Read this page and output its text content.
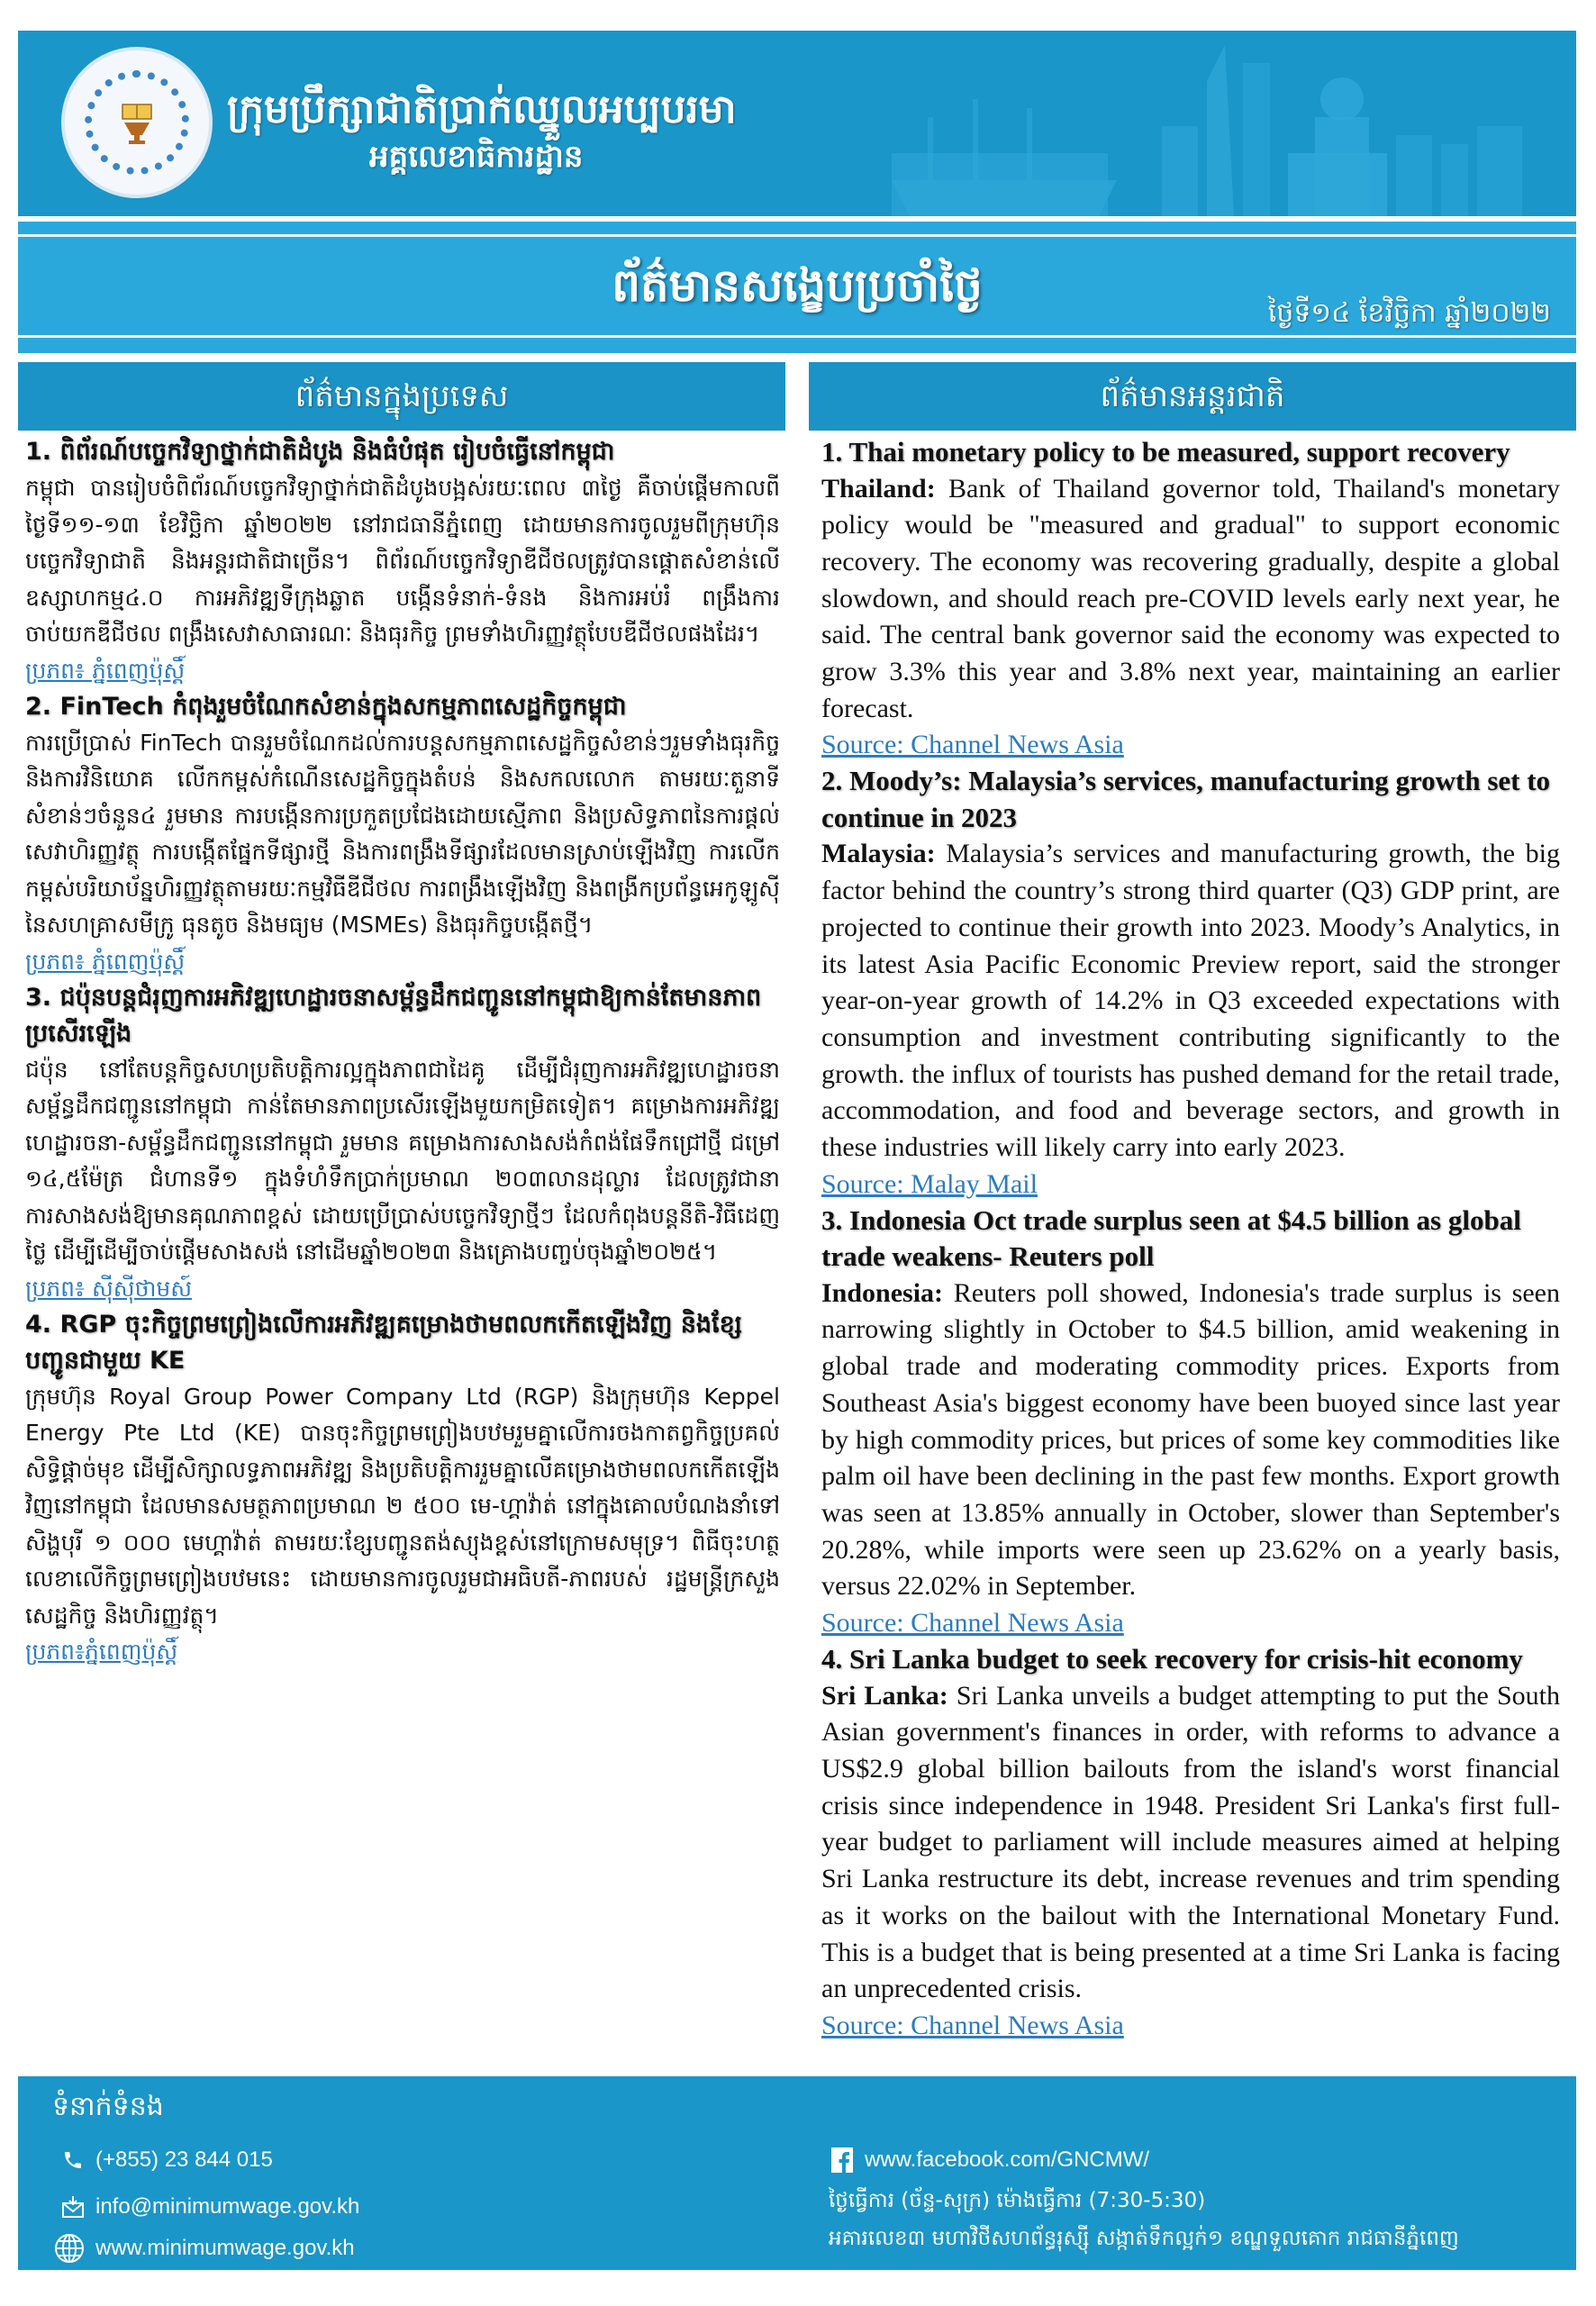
ក្រុមប្រឹក្សាជាតិប្រាក់ឈ្នួលអប្បបរមា
អគ្គលេខាធិការដ្ឋាន
ព័ត៌មានសង្ខេបប្រចាំថ្ងៃ
ថ្ងៃទី១៤ ខែវិច្ឆិកា ឆ្នាំ២០២២
ព័ត៌មានក្នុងប្រទេស	ព័ត៌មានអន្តរជាតិ

1. ពិព័រណ៍បច្ចេកវិទ្យាថ្នាក់ជាតិដំបូង និងធំបំផុត រៀបចំធ្វើនៅកម្ពុជា

កម្ពុជា បានរៀបចំពិព័រណ៍បច្ចេកវិទ្យាថ្នាក់ជាតិដំបូងបង្អស់រយៈពេល ៣ថ្ងៃ គឺចាប់ផ្តើមកាលពីថ្ងៃទី១១-១៣ ខែវិច្ឆិកា ឆ្នាំ២០២២ នៅរាជធានីភ្នំពេញ ដោយមានការចូលរួមពីក្រុមហ៊ុនបច្ចេកវិទ្យាជាតិ និងអន្តរជាតិជាច្រើន។ ពិព័រណ៍បច្ចេកវិទ្យាឌីជីថលត្រូវបានផ្តោតសំខាន់លើឧស្សាហកម្ម៤.០ ការអភិវឌ្ឍទីក្រុងឆ្លាត បង្កើនទំនាក់-ទំនង និងការអប់រំ ពង្រឹងការចាប់យកឌីជីថល ពង្រឹងសេវាសាធារណៈ និងធុរកិច្ច ព្រមទាំងហិរញ្ញវត្ថុបែបឌីជីថលផងដែរ។

ប្រភព៖ ភ្នំពេញប៉ុស្តិ៍

2. FinTech កំពុងរួមចំណែកសំខាន់ក្នុងសកម្មភាពសេដ្ឋកិច្ចកម្ពុជា

ការប្រើប្រាស់ FinTech បានរួមចំណែកដល់ការបន្តសកម្មភាពសេដ្ឋកិច្ចសំខាន់ៗរួមទាំងធុរកិច្ច និងការវិនិយោគ លើកកម្ពស់កំណើនសេដ្ឋកិច្ចក្នុងតំបន់ និងសកលលោក តាមរយៈតួនាទីសំខាន់ៗចំនួន៤ រួមមាន ការបង្កើនការប្រកួតប្រជែងដោយស្មើភាព និងប្រសិទ្ធភាពនៃការផ្តល់សេវាហិរញ្ញវត្ថុ ការបង្កើតផ្នែកទីផ្សារថ្មី និងការពង្រឹងទីផ្សារដែលមានស្រាប់ឡើងវិញ ការលើកកម្ពស់បរិយាប័ន្នហិរញ្ញវត្ថុតាមរយៈកម្មវិធីឌីជីថល ការពង្រឹងឡើងវិញ និងពង្រីកប្រព័ន្ធអេកូឡូស៊ី នៃសហគ្រាសមីក្រូ ធុនតូច និងមធ្យម (MSMEs) និងធុរកិច្ចបង្កើតថ្មី។

ប្រភព៖ ភ្នំពេញប៉ុស្តិ៍

3. ជប៉ុនបន្តជំរុញការអភិវឌ្ឍហេដ្ឋារចនាសម្ព័ន្ធដឹកជញ្ជូននៅកម្ពុជាឱ្យកាន់តែមានភាពប្រសើរឡើង

ជប៉ុន នៅតែបន្តកិច្ចសហប្រតិបត្តិការល្អក្នុងភាពជាដៃគូ ដើម្បីជំរុញការអភិវឌ្ឍហេដ្ឋារចនាសម្ព័ន្ធដឹកជញ្ជូននៅកម្ពុជា កាន់តែមានភាពប្រសើរឡើងមួយកម្រិតទៀត។ គម្រោងការអភិវឌ្ឍហេដ្ឋារចនា-សម្ព័ន្ធដឹកជញ្ជូននៅកម្ពុជា រួមមាន គម្រោងការសាងសង់កំពង់ផែទឹកជ្រៅថ្មី ជម្រៅ ១៤,៥ម៉ែត្រ ជំហានទី១ ក្នុងទំហំទឹកប្រាក់ប្រមាណ ២០៣លានដុល្លារ ដែលត្រូវជានាការសាងសង់ឱ្យមានគុណភាពខ្ពស់ ដោយប្រើប្រាស់បច្ចេកវិទ្យាថ្មីៗ ដែលកំពុងបន្តនីតិ-វិធីដេញថ្លៃ ដើម្បីដើម្បីចាប់ផ្តើមសាងសង់ នៅដើមឆ្នាំ២០២៣ និងគ្រោងបញ្ចប់ចុងឆ្នាំ២០២៥។

ប្រភព៖ ស៊ីស៊ីថាមស៍

4. RGP ចុះកិច្ចព្រមព្រៀងលើការអភិវឌ្ឍគម្រោងថាមពលកកើតឡើងវិញ និងខ្សែបញ្ជូនជាមួយ KE

ក្រុមហ៊ុន Royal Group Power Company Ltd (RGP) និងក្រុមហ៊ុន Keppel Energy Pte Ltd (KE) បានចុះកិច្ចព្រមព្រៀងបឋមរួមគ្នាលើការចងកាតព្វកិច្ចប្រគល់សិទ្ធិផ្តាច់មុខ ដើម្បីសិក្សាលទ្ធភាពអភិវឌ្ឍ និងប្រតិបត្តិការរួមគ្នាលើគម្រោងថាមពលកកើតឡើងវិញនៅកម្ពុជា ដែលមានសមត្ថភាពប្រមាណ ២ ៥០០ មេ-ហ្គាវ៉ាត់ នៅក្នុងគោលបំណងនាំទៅសិង្ហបុរី ១ ០០០ មេហ្គាវ៉ាត់ តាមរយៈខ្សែបញ្ជូនតង់ស្យុងខ្ពស់នៅក្រោមសមុទ្រ។ ពិធីចុះហត្ថលេខាលើកិច្ចព្រមព្រៀងបឋមនេះ ដោយមានការចូលរួមជាអធិបតី-ភាពរបស់ រដ្ឋមន្ត្រីក្រសួងសេដ្ឋកិច្ច និងហិរញ្ញវត្ថុ។

ប្រភព៖ភ្នំពេញប៉ុស្តិ៍

1. Thai monetary policy to be measured, support recovery

Thailand: Bank of Thailand governor told, Thailand's monetary policy would be "measured and gradual" to support economic recovery. The economy was recovering gradually, despite a global slowdown, and should reach pre-COVID levels early next year, he said. The central bank governor said the economy was expected to grow 3.3% this year and 3.8% next year, maintaining an earlier forecast.

Source: Channel News Asia

2. Moody’s: Malaysia’s services, manufacturing growth set to continue in 2023

Malaysia: Malaysia’s services and manufacturing growth, the big factor behind the country’s strong third quarter (Q3) GDP print, are projected to continue their growth into 2023. Moody’s Analytics, in its latest Asia Pacific Economic Preview report, said the stronger year-on-year growth of 14.2% in Q3 exceeded expectations with consumption and investment contributing significantly to the growth. the influx of tourists has pushed demand for the retail trade, accommodation, and food and beverage sectors, and growth in these industries will likely carry into early 2023.

Source: Malay Mail

3. Indonesia Oct trade surplus seen at $4.5 billion as global trade weakens- Reuters poll

Indonesia: Reuters poll showed, Indonesia's trade surplus is seen narrowing slightly in October to $4.5 billion, amid weakening in global trade and moderating commodity prices. Exports from Southeast Asia's biggest economy have been buoyed since last year by high commodity prices, but prices of some key commodities like palm oil have been declining in the past few months. Export growth was seen at 13.85% annually in October, slower than September's 20.28%, while imports were seen up 23.62% on a yearly basis, versus 22.02% in September.

Source: Channel News Asia

4. Sri Lanka budget to seek recovery for crisis-hit economy

Sri Lanka: Sri Lanka unveils a budget attempting to put the South Asian government's finances in order, with reforms to advance a US$2.9 global billion bailouts from the island's worst financial crisis since independence in 1948. President Sri Lanka's first full-year budget to parliament will include measures aimed at helping Sri Lanka restructure its debt, increase revenues and trim spending as it works on the bailout with the International Monetary Fund. This is a budget that is being presented at a time Sri Lanka is facing an unprecedented crisis.

Source: Channel News Asia
ទំនាក់ទំនង
(+855) 23 844 015
info@minimumwage.gov.kh
www.minimumwage.gov.kh
www.facebook.com/GNCMW/
ថ្ងៃធ្វើការ (ច័ន្ទ-សុក្រ) ម៉ោងធ្វើការ (7:30-5:30)
អគារលេខ៣ មហាវិថីសហព័ន្ធរុស្ស៊ី សង្កាត់ទឹកល្អក់១ ខណ្ឌទួលគោក រាជធានីភ្នំពេញ
